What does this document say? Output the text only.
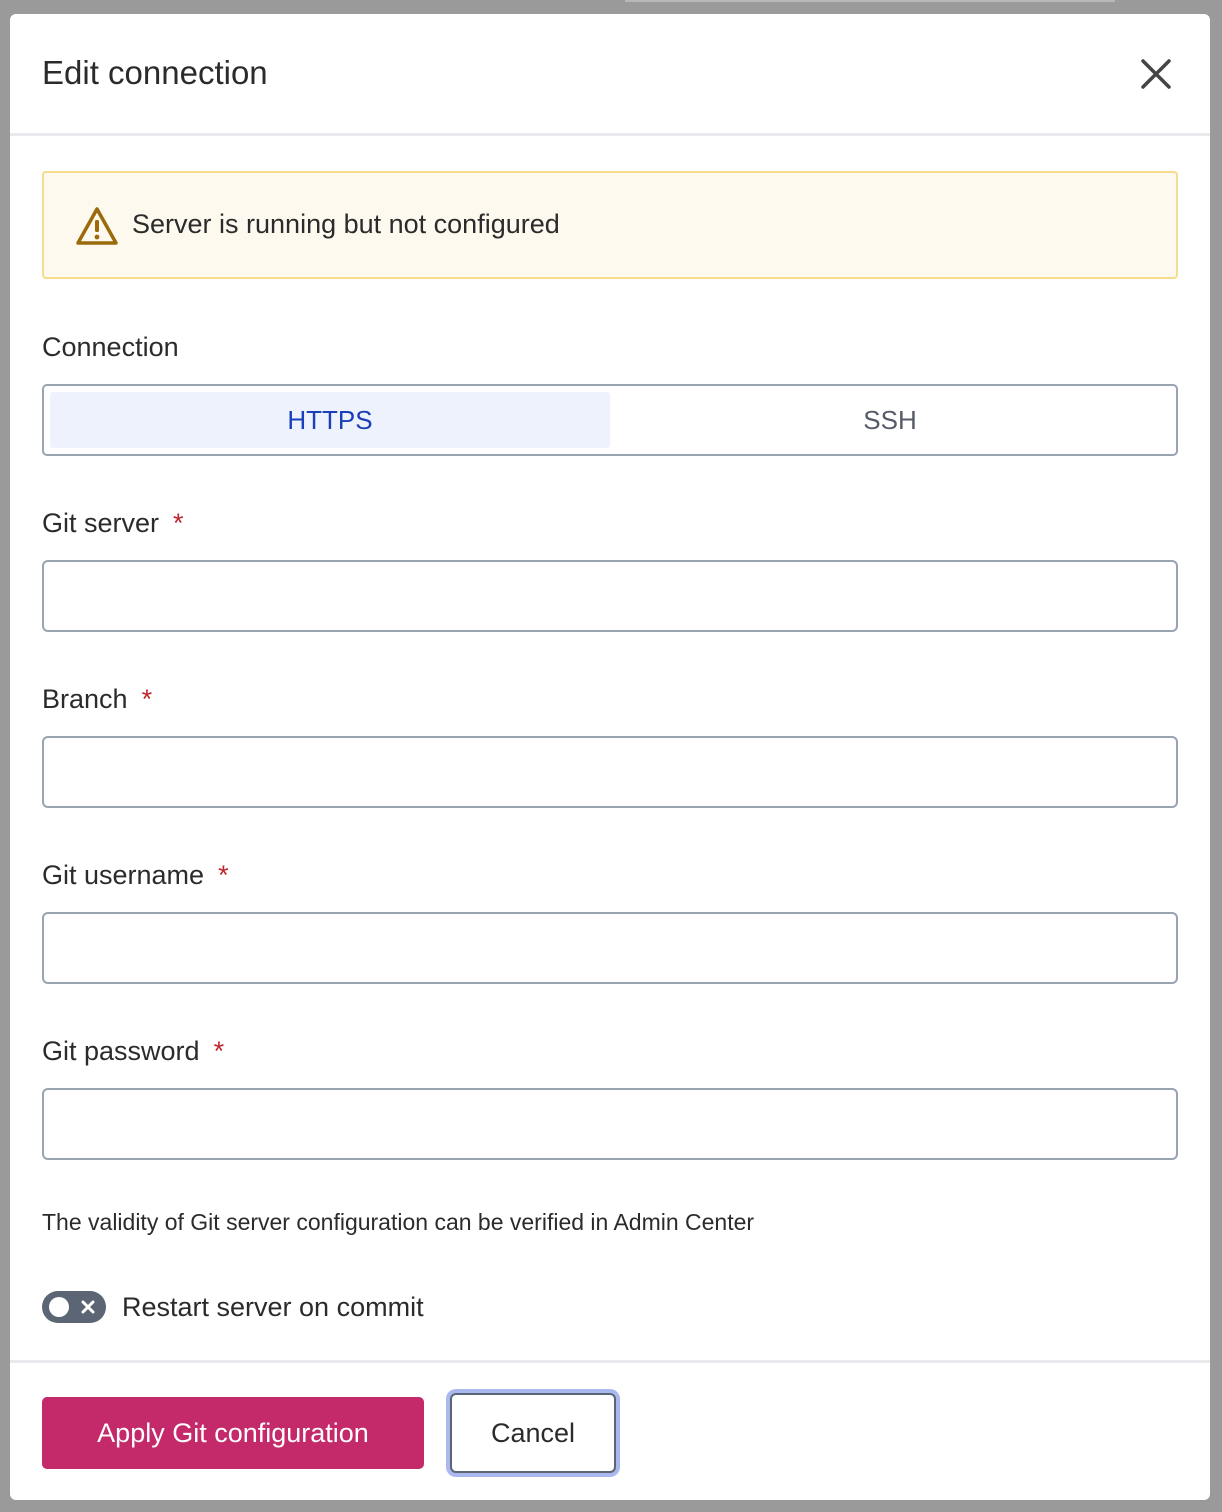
Edit connection
Server is running but not configured
Connection
HTTPS	SSH
Git server *
Branch *
Git username *
Git password *
The validity of Git server configuration can be verified in Admin Center
Restart server on commit
Apply Git configuration	Cancel
